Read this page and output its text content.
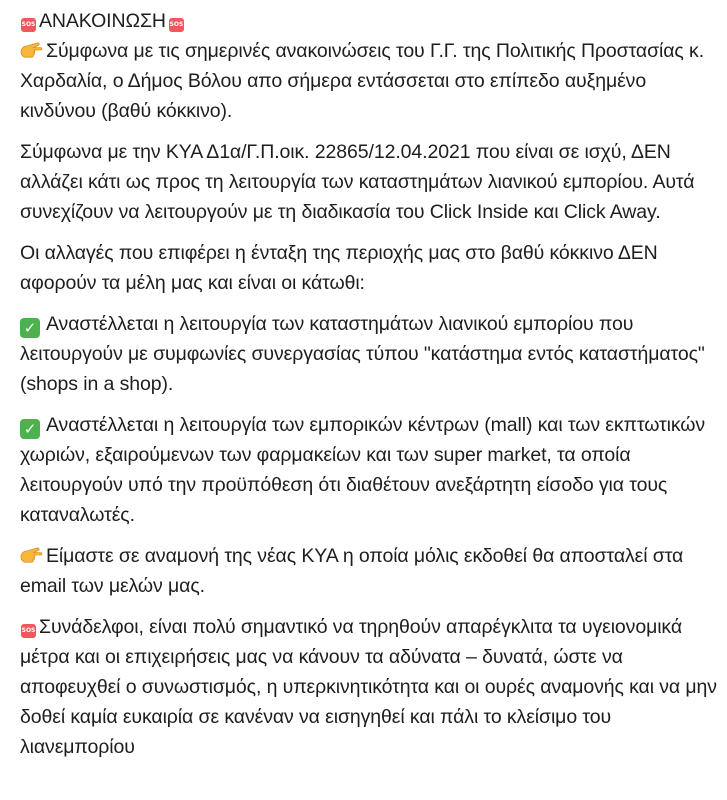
SOS ΑΝΑΚΟΙΝΩΣΗ SOS
Σύμφωνα με τις σημερινές ανακοινώσεις του Γ.Γ. της Πολιτικής Προστασίας κ. Χαρδαλία, ο Δήμος Βόλου απο σήμερα εντάσσεται στο επίπεδο αυξημένο κινδύνου (βαθύ κόκκινο).
Σύμφωνα με την ΚΥΑ Δ1α/Γ.Π.οικ. 22865/12.04.2021 που είναι σε ισχύ, ΔΕΝ αλλάζει κάτι ως προς τη λειτουργία των καταστημάτων λιανικού εμπορίου. Αυτά συνεχίζουν να λειτουργούν με τη διαδικασία του Click Inside και Click Away.
Οι αλλαγές που επιφέρει η ένταξη της περιοχής μας στο βαθύ κόκκινο ΔΕΝ αφορούν τα μέλη μας και είναι οι κάτωθι:
✓ Αναστέλλεται η λειτουργία των καταστημάτων λιανικού εμπορίου που λειτουργούν με συμφωνίες συνεργασίας τύπου "κατάστημα εντός καταστήματος" (shops in a shop).
✓ Αναστέλλεται η λειτουργία των εμπορικών κέντρων (mall) και των εκπτωτικών χωριών, εξαιρούμενων των φαρμακείων και των super market, τα οποία λειτουργούν υπό την προϋπόθεση ότι διαθέτουν ανεξάρτητη είσοδο για τους καταναλωτές.
Είμαστε σε αναμονή της νέας ΚΥΑ η οποία μόλις εκδοθεί θα αποσταλεί στα email των μελών μας.
SOS Συνάδελφοι, είναι πολύ σημαντικό να τηρηθούν απαρέγκλιτα τα υγειονομικά μέτρα και οι επιχειρήσεις μας να κάνουν τα αδύνατα – δυνατά, ώστε να αποφευχθεί ο συνωστισμός, η υπερκινητικότητα και οι ουρές αναμονής και να μην δοθεί καμία ευκαιρία σε κανέναν να εισηγηθεί και πάλι το κλείσιμο του λιανεμπορίου
